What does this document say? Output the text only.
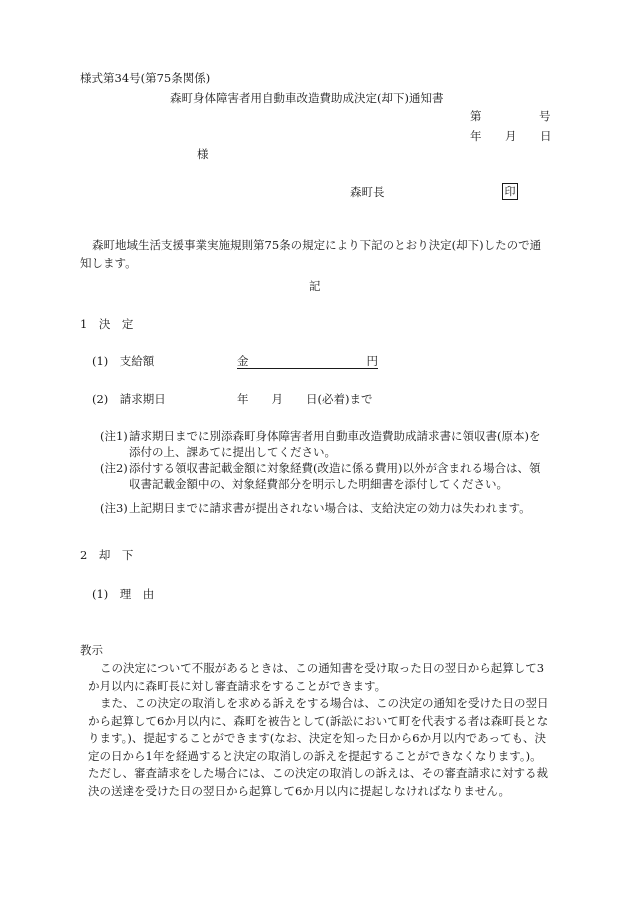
様式第34号(第75条関係)
森町身体障害者用自動車改造費助成決定(却下)通知書
第	号
年 月 日
様
森町長	印
森町地域生活支援事業実施規則第75条の規定により下記のとおり決定(却下)したので通知します。
記
1　決　定
(1)　支給額	金	円
(2)　請求期日	年　　月　　日(必着)まで
(注1) 請求期日までに別添森町身体障害者用自動車改造費助成請求書に領収書(原本)を添付の上、課あてに提出してください。
(注2) 添付する領収書記載金額に対象経費(改造に係る費用)以外が含まれる場合は、領収書記載金額中の、対象経費部分を明示した明細書を添付してください。
(注3) 上記期日までに請求書が提出されない場合は、支給決定の効力は失われます。
2　却　下
(1)　理　由
教示
この決定について不服があるときは、この通知書を受け取った日の翌日から起算して3か月以内に森町長に対し審査請求をすることができます。
また、この決定の取消しを求める訴えをする場合は、この決定の通知を受けた日の翌日から起算して6か月以内に、森町を被告として(訴訟において町を代表する者は森町長となります。)、提起することができます(なお、決定を知った日から6か月以内であっても、決定の日から1年を経過すると決定の取消しの訴えを提起することができなくなります。)。ただし、審査請求をした場合には、この決定の取消しの訴えは、その審査請求に対する裁決の送達を受けた日の翌日から起算して6か月以内に提起しなければなりません。
